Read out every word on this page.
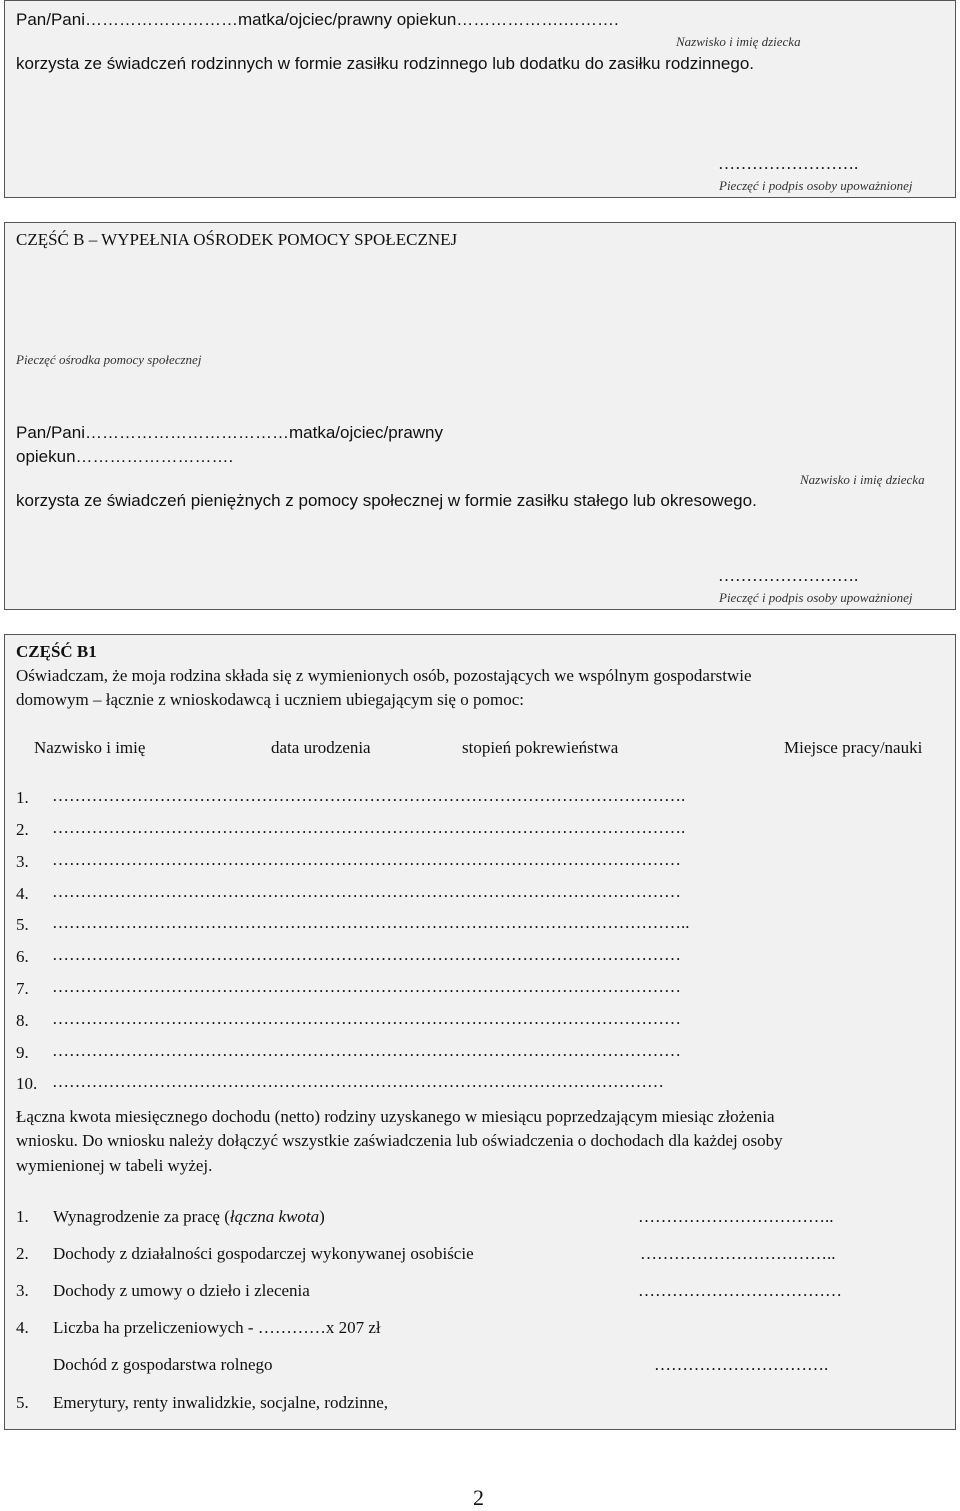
Pan/Pani………………………matka/ojciec/prawny opiekun……………….……….
Nazwisko i imię dziecka
korzysta ze świadczeń rodzinnych w formie zasiłku rodzinnego lub dodatku do zasiłku rodzinnego.
…………………….
Pieczęć i podpis osoby upoważnionej
CZĘŚĆ B – WYPEŁNIA OŚRODEK POMOCY SPOŁECZNEJ
Pieczęć ośrodka pomocy społecznej
Pan/Pani………………………………matka/ojciec/prawny
opiekun……………………….
Nazwisko i imię dziecka
korzysta ze świadczeń pieniężnych z pomocy społecznej w formie zasiłku stałego lub okresowego.
…………………….
Pieczęć i podpis osoby upoważnionej
CZĘŚĆ B1
Oświadczam, że moja rodzina składa się z wymienionych osób, pozostających we wspólnym gospodarstwie
domowym – łącznie z wnioskodawcą i uczniem ubiegającym się o pomoc:
Nazwisko i imię	data urodzenia	stopień pokrewieństwa	Miejsce pracy/nauki
1. ………………………………………………………………………………………………….
2. ………………………………………………………………………………………………….
3. …………………………………………………………………………………………………
4. …………………………………………………………………………………………………
5. …………………………………………………………………………………………………..
6. …………………………………………………………………………………………………
7. …………………………………………………………………………………………………
8. …………………………………………………………………………………………………
9. …………………………………………………………………………………………………
10. ………………………………………………………………………………………………
Łączna kwota miesięcznego dochodu (netto) rodziny uzyskanego w miesiącu poprzedzającym miesiąc złożenia
wniosku. Do wniosku należy dołączyć wszystkie zaświadczenia lub oświadczenia o dochodach dla każdej osoby
wymienionej w tabeli wyżej.
1. Wynagrodzenie za pracę (łączna kwota)	……………………………..
2. Dochody z działalności gospodarczej wykonywanej osobiście	……………………………..
3. Dochody z umowy o dzieło i zlecenia	………………………………
4. Liczba ha przeliczeniowych - …………x 207 zł
Dochód z gospodarstwa rolnego	………………………….
5. Emerytury, renty inwalidzkie, socjalne, rodzinne,
2
